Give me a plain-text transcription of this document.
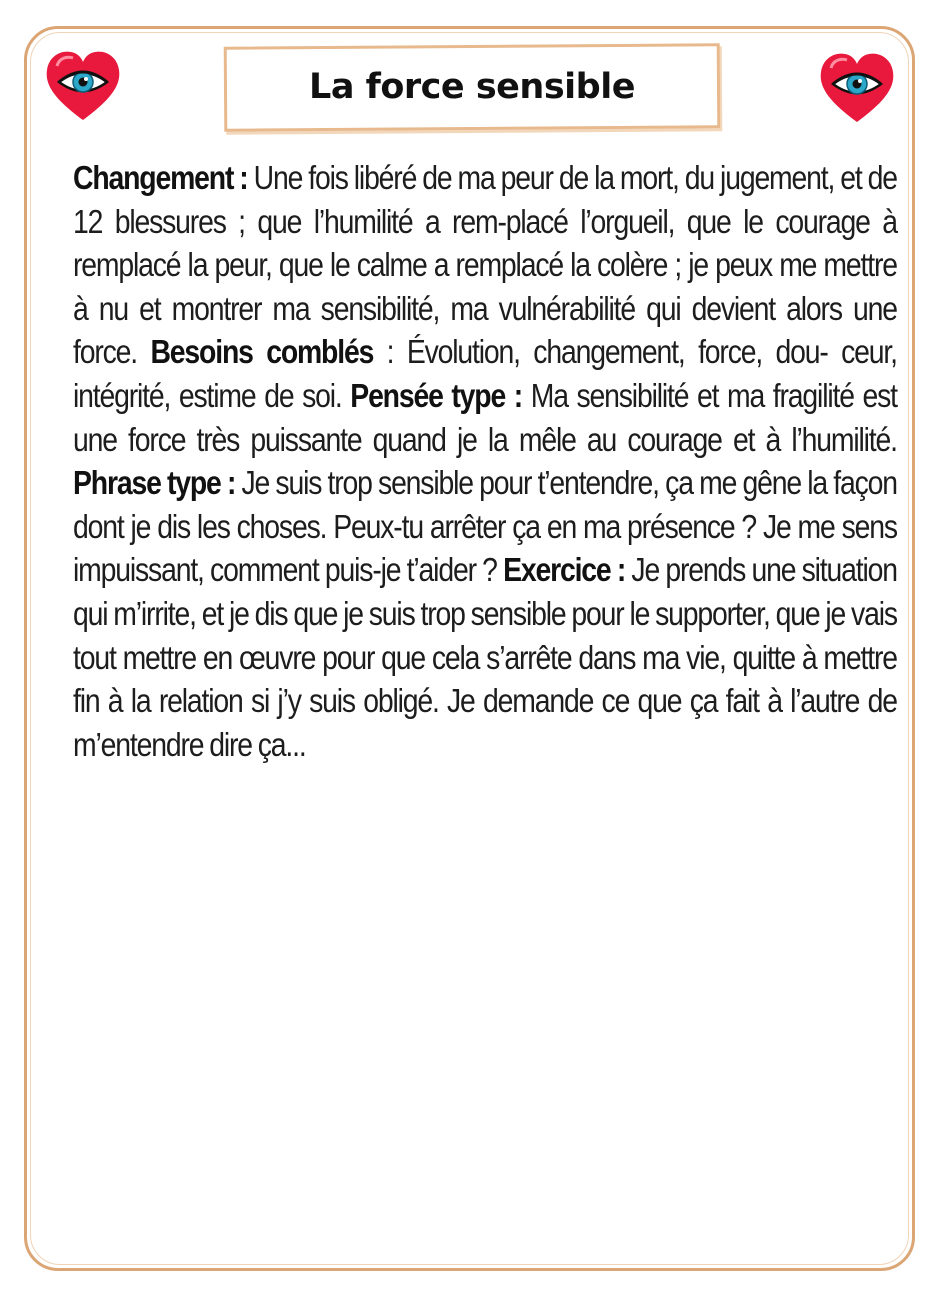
La force sensible
Changement : Une fois libéré de ma peur de la mort, du jugement, et de 12 blessures ; que l’humilité a rem-placé l’orgueil, que le courage à remplacé la peur, que le calme a remplacé la colère ; je peux me mettre à nu et montrer ma sensibilité, ma vulnérabilité qui devient alors une force. Besoins comblés : Évolution, changement, force, dou- ceur, intégrité, estime de soi. Pensée type : Ma sensibilité et ma fragilité est une force très puissante quand je la mêle au courage et à l’humilité. Phrase type : Je suis trop sensible pour t’entendre, ça me gêne la façon dont je dis les choses. Peux-tu arrêter ça en ma présence ? Je me sens impuissant, comment puis-je t’aider ? Exercice : Je prends une situation qui m’irrite, et je dis que je suis trop sensible pour le supporter, que je vais tout mettre en œuvre pour que cela s’arrête dans ma vie, quitte à mettre fin à la relation si j’y suis obligé. Je demande ce que ça fait à l’autre de m’entendre dire ça...
